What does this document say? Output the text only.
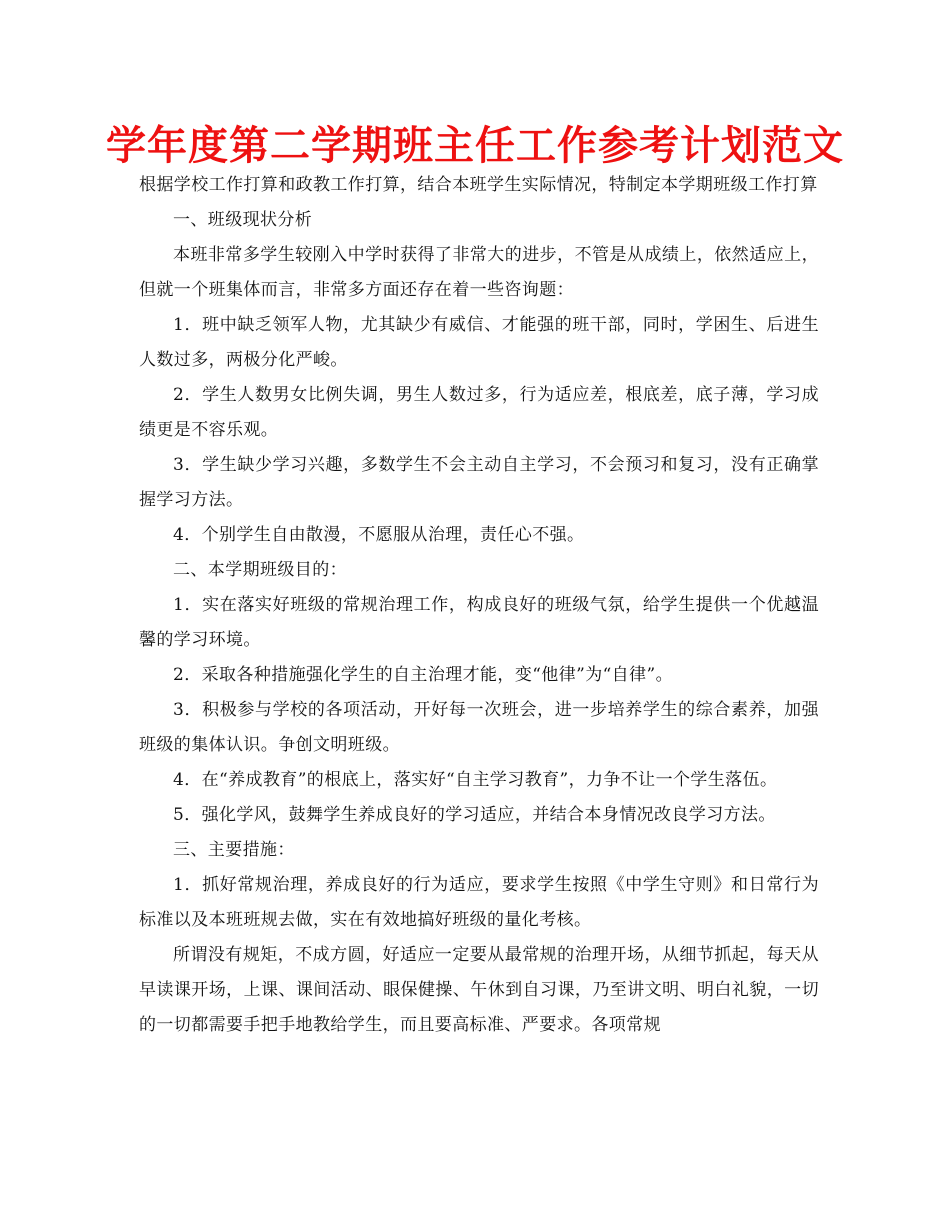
学年度第二学期班主任工作参考计划范文

根据学校工作打算和政教工作打算，结合本班学生实际情况，特制定本学期班级工作打算

一、班级现状分析

本班非常多学生较刚入中学时获得了非常大的进步，不管是从成绩上，依然适应上，但就一个班集体而言，非常多方面还存在着一些咨询题：

1．班中缺乏领军人物，尤其缺少有威信、才能强的班干部，同时，学困生、后进生人数过多，两极分化严峻。

2．学生人数男女比例失调，男生人数过多，行为适应差，根底差，底子薄，学习成绩更是不容乐观。

3．学生缺少学习兴趣，多数学生不会主动自主学习，不会预习和复习，没有正确掌握学习方法。

4．个别学生自由散漫，不愿服从治理，责任心不强。

二、本学期班级目的：

1．实在落实好班级的常规治理工作，构成良好的班级气氛，给学生提供一个优越温馨的学习环境。

2．采取各种措施强化学生的自主治理才能，变“他律”为“自律”。

3．积极参与学校的各项活动，开好每一次班会，进一步培养学生的综合素养，加强班级的集体认识。争创文明班级。

4．在“养成教育”的根底上，落实好“自主学习教育”，力争不让一个学生落伍。

5．强化学风，鼓舞学生养成良好的学习适应，并结合本身情况改良学习方法。

三、主要措施：

1．抓好常规治理，养成良好的行为适应，要求学生按照《中学生守则》和日常行为标准以及本班班规去做，实在有效地搞好班级的量化考核。

所谓没有规矩，不成方圆，好适应一定要从最常规的治理开场，从细节抓起，每天从早读课开场，上课、课间活动、眼保健操、午休到自习课，乃至讲文明、明白礼貌，一切的一切都需要手把手地教给学生，而且要高标准、严要求。各项常规
